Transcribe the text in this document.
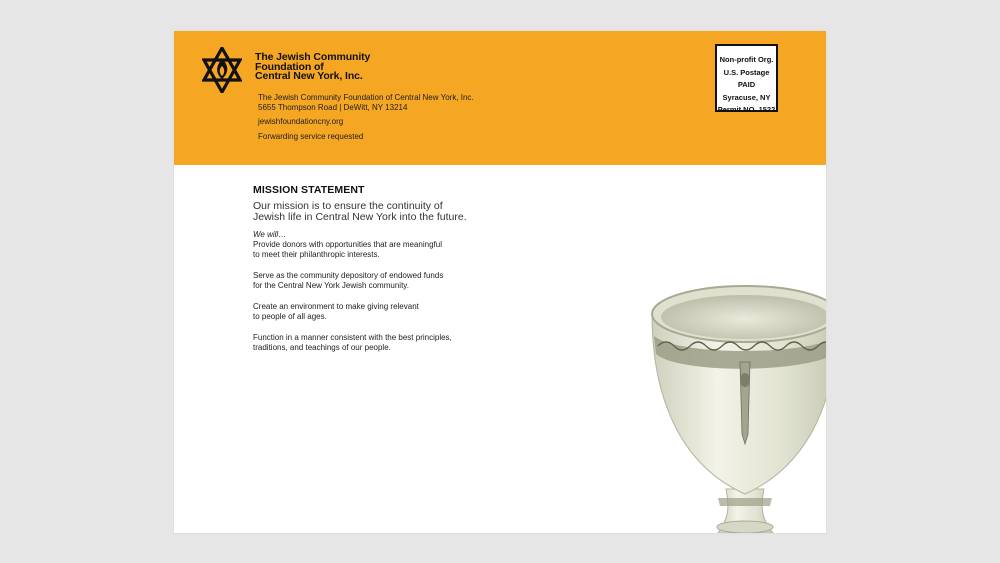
The Jewish Community
Foundation of
Central New York, Inc.
The Jewish Community Foundation of Central New York, Inc.
5655 Thompson Road | DeWitt, NY 13214
jewishfoundationcny.org
Forwarding service requested
Non-profit Org.
U.S. Postage
PAID
Syracuse, NY
Permit NO. 1522
MISSION STATEMENT
Our mission is to ensure the continuity of
Jewish life in Central New York into the future.
We will…
Provide donors with opportunities that are meaningful
to meet their philanthropic interests.
Serve as the community depository of endowed funds
for the Central New York Jewish community.
Create an environment to make giving relevant
to people of all ages.
Function in a manner consistent with the best principles,
traditions, and teachings of our people.
